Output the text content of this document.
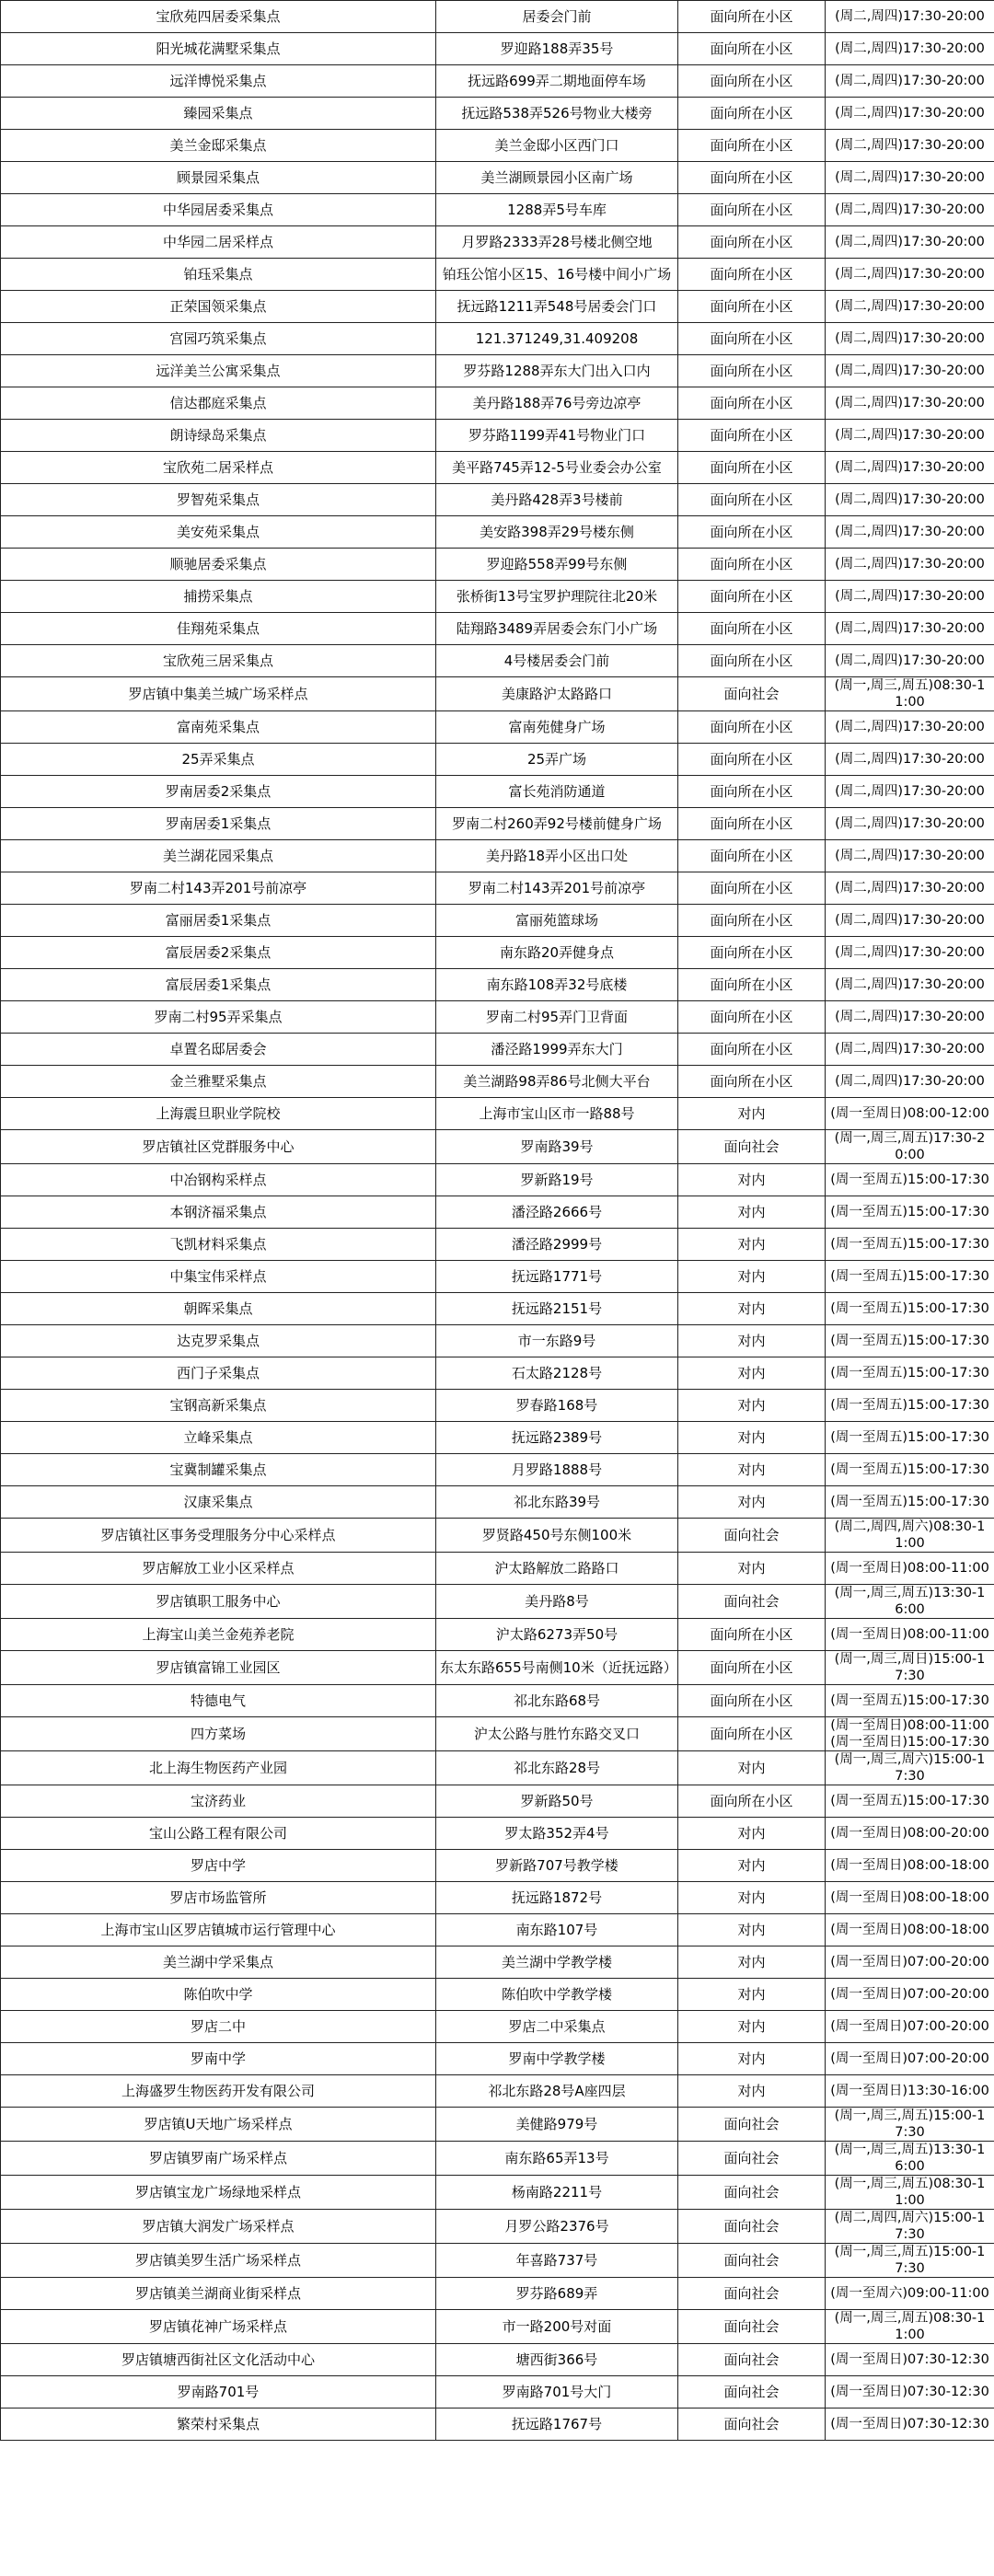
宝欣苑四居委采集点	居委会门前	面向所在小区	(周二,周四)17:30-20:00
阳光城花满墅采集点	罗迎路188弄35号	面向所在小区	(周二,周四)17:30-20:00
远洋博悦采集点	抚远路699弄二期地面停车场	面向所在小区	(周二,周四)17:30-20:00
臻园采集点	抚远路538弄526号物业大楼旁	面向所在小区	(周二,周四)17:30-20:00
美兰金邸采集点	美兰金邸小区西门口	面向所在小区	(周二,周四)17:30-20:00
顾景园采集点	美兰湖顾景园小区南广场	面向所在小区	(周二,周四)17:30-20:00
中华园居委采集点	1288弄5号车库	面向所在小区	(周二,周四)17:30-20:00
中华园二居采样点	月罗路2333弄28号楼北侧空地	面向所在小区	(周二,周四)17:30-20:00
铂珏采集点	铂珏公馆小区15、16号楼中间小广场	面向所在小区	(周二,周四)17:30-20:00
正荣国领采集点	抚远路1211弄548号居委会门口	面向所在小区	(周二,周四)17:30-20:00
宫园巧筑采集点	121.371249,31.409208	面向所在小区	(周二,周四)17:30-20:00
远洋美兰公寓采集点	罗芬路1288弄东大门出入口内	面向所在小区	(周二,周四)17:30-20:00
信达郡庭采集点	美丹路188弄76号旁边凉亭	面向所在小区	(周二,周四)17:30-20:00
朗诗绿岛采集点	罗芬路1199弄41号物业门口	面向所在小区	(周二,周四)17:30-20:00
宝欣苑二居采样点	美平路745弄12-5号业委会办公室	面向所在小区	(周二,周四)17:30-20:00
罗智苑采集点	美丹路428弄3号楼前	面向所在小区	(周二,周四)17:30-20:00
美安苑采集点	美安路398弄29号楼东侧	面向所在小区	(周二,周四)17:30-20:00
顺驰居委采集点	罗迎路558弄99号东侧	面向所在小区	(周二,周四)17:30-20:00
捕捞采集点	张桥街13号宝罗护理院往北20米	面向所在小区	(周二,周四)17:30-20:00
佳翔苑采集点	陆翔路3489弄居委会东门小广场	面向所在小区	(周二,周四)17:30-20:00
宝欣苑三居采集点	4号楼居委会门前	面向所在小区	(周二,周四)17:30-20:00
罗店镇中集美兰城广场采样点	美康路沪太路路口	面向社会	(周一,周三,周五)08:30-11:00
富南苑采集点	富南苑健身广场	面向所在小区	(周二,周四)17:30-20:00
25弄采集点	25弄广场	面向所在小区	(周二,周四)17:30-20:00
罗南居委2采集点	富长苑消防通道	面向所在小区	(周二,周四)17:30-20:00
罗南居委1采集点	罗南二村260弄92号楼前健身广场	面向所在小区	(周二,周四)17:30-20:00
美兰湖花园采集点	美丹路18弄小区出口处	面向所在小区	(周二,周四)17:30-20:00
罗南二村143弄201号前凉亭	罗南二村143弄201号前凉亭	面向所在小区	(周二,周四)17:30-20:00
富丽居委1采集点	富丽苑篮球场	面向所在小区	(周二,周四)17:30-20:00
富辰居委2采集点	南东路20弄健身点	面向所在小区	(周二,周四)17:30-20:00
富辰居委1采集点	南东路108弄32号底楼	面向所在小区	(周二,周四)17:30-20:00
罗南二村95弄采集点	罗南二村95弄门卫背面	面向所在小区	(周二,周四)17:30-20:00
卓置名邸居委会	潘泾路1999弄东大门	面向所在小区	(周二,周四)17:30-20:00
金兰雅墅采集点	美兰湖路98弄86号北侧大平台	面向所在小区	(周二,周四)17:30-20:00
上海震旦职业学院校	上海市宝山区市一路88号	对内	(周一至周日)08:00-12:00
罗店镇社区党群服务中心	罗南路39号	面向社会	(周一,周三,周五)17:30-20:00
中冶钢构采样点	罗新路19号	对内	(周一至周五)15:00-17:30
本钢济福采集点	潘泾路2666号	对内	(周一至周五)15:00-17:30
飞凯材料采集点	潘泾路2999号	对内	(周一至周五)15:00-17:30
中集宝伟采样点	抚远路1771号	对内	(周一至周五)15:00-17:30
朝晖采集点	抚远路2151号	对内	(周一至周五)15:00-17:30
达克罗采集点	市一东路9号	对内	(周一至周五)15:00-17:30
西门子采集点	石太路2128号	对内	(周一至周五)15:00-17:30
宝钢高新采集点	罗春路168号	对内	(周一至周五)15:00-17:30
立峰采集点	抚远路2389号	对内	(周一至周五)15:00-17:30
宝冀制罐采集点	月罗路1888号	对内	(周一至周五)15:00-17:30
汉康采集点	祁北东路39号	对内	(周一至周五)15:00-17:30
罗店镇社区事务受理服务分中心采样点	罗贤路450号东侧100米	面向社会	(周二,周四,周六)08:30-11:00
罗店解放工业小区采样点	沪太路解放二路路口	对内	(周一至周日)08:00-11:00
罗店镇职工服务中心	美丹路8号	面向社会	(周一,周三,周五)13:30-16:00
上海宝山美兰金苑养老院	沪太路6273弄50号	面向所在小区	(周一至周日)08:00-11:00
罗店镇富锦工业园区	东太东路655号南侧10米（近抚远路）	面向所在小区	(周一,周三,周日)15:00-17:30
特德电气	祁北东路68号	面向所在小区	(周一至周五)15:00-17:30
四方菜场	沪太公路与胜竹东路交叉口	面向所在小区	(周一至周日)08:00-11:00(周一至周日)15:00-17:30
北上海生物医药产业园	祁北东路28号	对内	(周一,周三,周六)15:00-17:30
宝济药业	罗新路50号	面向所在小区	(周一至周五)15:00-17:30
宝山公路工程有限公司	罗太路352弄4号	对内	(周一至周日)08:00-20:00
罗店中学	罗新路707号教学楼	对内	(周一至周日)08:00-18:00
罗店市场监管所	抚远路1872号	对内	(周一至周日)08:00-18:00
上海市宝山区罗店镇城市运行管理中心	南东路107号	对内	(周一至周日)08:00-18:00
美兰湖中学采集点	美兰湖中学教学楼	对内	(周一至周日)07:00-20:00
陈伯吹中学	陈伯吹中学教学楼	对内	(周一至周日)07:00-20:00
罗店二中	罗店二中采集点	对内	(周一至周日)07:00-20:00
罗南中学	罗南中学教学楼	对内	(周一至周日)07:00-20:00
上海盛罗生物医药开发有限公司	祁北东路28号A座四层	对内	(周一至周日)13:30-16:00
罗店镇U天地广场采样点	美健路979号	面向社会	(周一,周三,周五)15:00-17:30
罗店镇罗南广场采样点	南东路65弄13号	面向社会	(周一,周三,周五)13:30-16:00
罗店镇宝龙广场绿地采样点	杨南路2211号	面向社会	(周一,周三,周五)08:30-11:00
罗店镇大润发广场采样点	月罗公路2376号	面向社会	(周二,周四,周六)15:00-17:30
罗店镇美罗生活广场采样点	年喜路737号	面向社会	(周一,周三,周五)15:00-17:30
罗店镇美兰湖商业街采样点	罗芬路689弄	面向社会	(周一至周六)09:00-11:00
罗店镇花神广场采样点	市一路200号对面	面向社会	(周一,周三,周五)08:30-11:00
罗店镇塘西街社区文化活动中心	塘西街366号	面向社会	(周一至周日)07:30-12:30
罗南路701号	罗南路701号大门	面向社会	(周一至周日)07:30-12:30
繁荣村采集点	抚远路1767号	面向社会	(周一至周日)07:30-12:30
